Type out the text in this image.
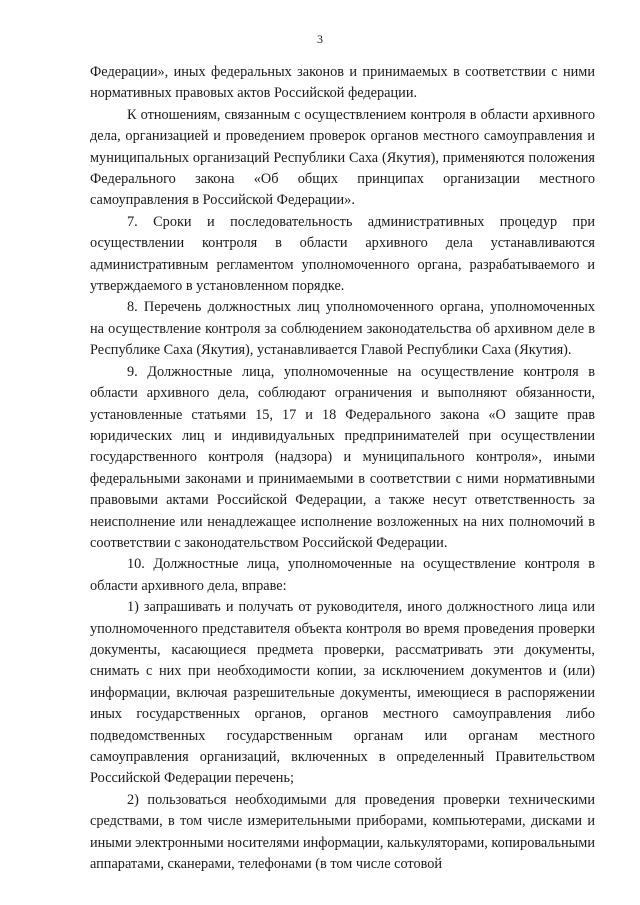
3

Федерации», иных федеральных законов и принимаемых в соответствии с ними нормативных правовых актов Российской федерации.

К отношениям, связанным с осуществлением контроля в области архивного дела, организацией и проведением проверок органов местного самоуправления и муниципальных организаций Республики Саха (Якутия), применяются положения Федерального закона «Об общих принципах организации местного самоуправления в Российской Федерации».

7. Сроки и последовательность административных процедур при осуществлении контроля в области архивного дела устанавливаются административным регламентом уполномоченного органа, разрабатываемого и утверждаемого в установленном порядке.

8. Перечень должностных лиц уполномоченного органа, уполномоченных на осуществление контроля за соблюдением законодательства об архивном деле в Республике Саха (Якутия), устанавливается Главой Республики Саха (Якутия).

9. Должностные лица, уполномоченные на осуществление контроля в области архивного дела, соблюдают ограничения и выполняют обязанности, установленные статьями 15, 17 и 18 Федерального закона «О защите прав юридических лиц и индивидуальных предпринимателей при осуществлении государственного контроля (надзора) и муниципального контроля», иными федеральными законами и принимаемыми в соответствии с ними нормативными правовыми актами Российской Федерации, а также несут ответственность за неисполнение или ненадлежащее исполнение возложенных на них полномочий в соответствии с законодательством Российской Федерации.

10. Должностные лица, уполномоченные на осуществление контроля в области архивного дела, вправе:

1) запрашивать и получать от руководителя, иного должностного лица или уполномоченного представителя объекта контроля во время проведения проверки документы, касающиеся предмета проверки, рассматривать эти документы, снимать с них при необходимости копии, за исключением документов и (или) информации, включая разрешительные документы, имеющиеся в распоряжении иных государственных органов, органов местного самоуправления либо подведомственных государственным органам или органам местного самоуправления организаций, включенных в определенный Правительством Российской Федерации перечень;

2) пользоваться необходимыми для проведения проверки техническими средствами, в том числе измерительными приборами, компьютерами, дисками и иными электронными носителями информации, калькуляторами, копировальными аппаратами, сканерами, телефонами (в том числе сотовой
